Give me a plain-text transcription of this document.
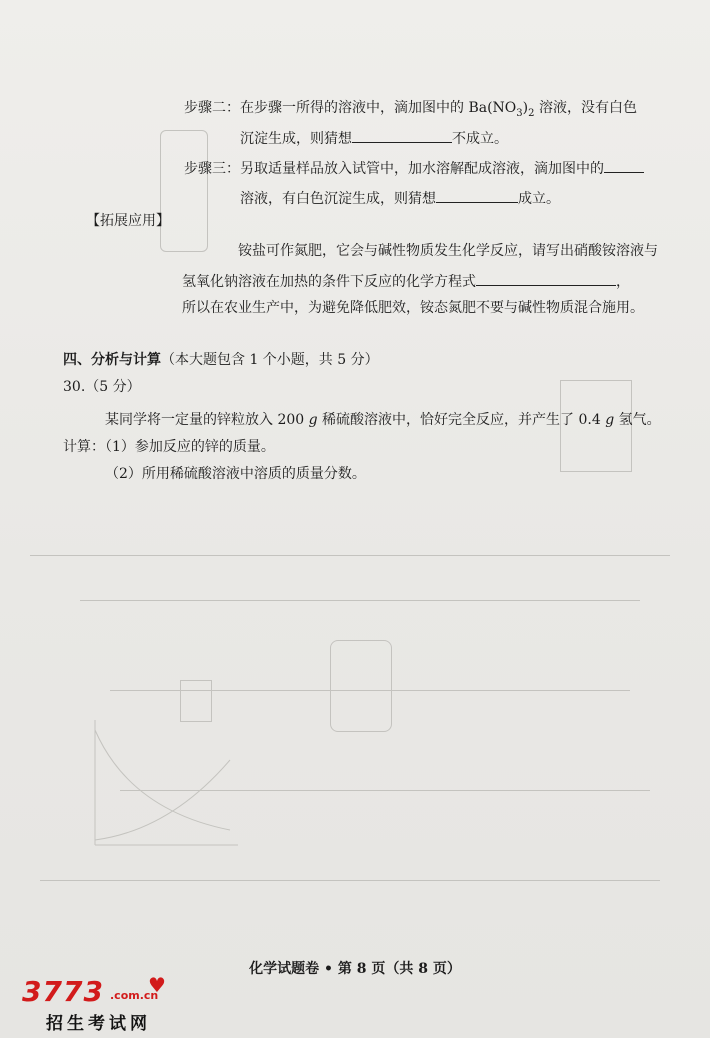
步骤二：在步骤一所得的溶液中，滴加图中的 $Ba(NO_3)_2$ 溶液，没有白色
沉淀生成，则猜想	不成立。
步骤三：另取适量样品放入试管中，加水溶解配成溶液，滴加图中的
溶液，有白色沉淀生成，则猜想	成立。
【拓展应用】
铵盐可作氮肥，它会与碱性物质发生化学反应，请写出硝酸铵溶液与
氢氧化钠溶液在加热的条件下反应的化学方程式	，
所以在农业生产中，为避免降低肥效，铵态氮肥不要与碱性物质混合施用。
四、分析与计算（本大题包含 1 个小题，共 5 分）
30.（5 分）
某同学将一定量的锌粒放入 200 g 稀硫酸溶液中，恰好完全反应，并产生了 0.4 g 氢气。
计算：（1）参加反应的锌的质量。
（2）所用稀硫酸溶液中溶质的质量分数。
化学试题卷 • 第 8 页（共 8 页）
3773 .com.cn
♥
招生考试网
